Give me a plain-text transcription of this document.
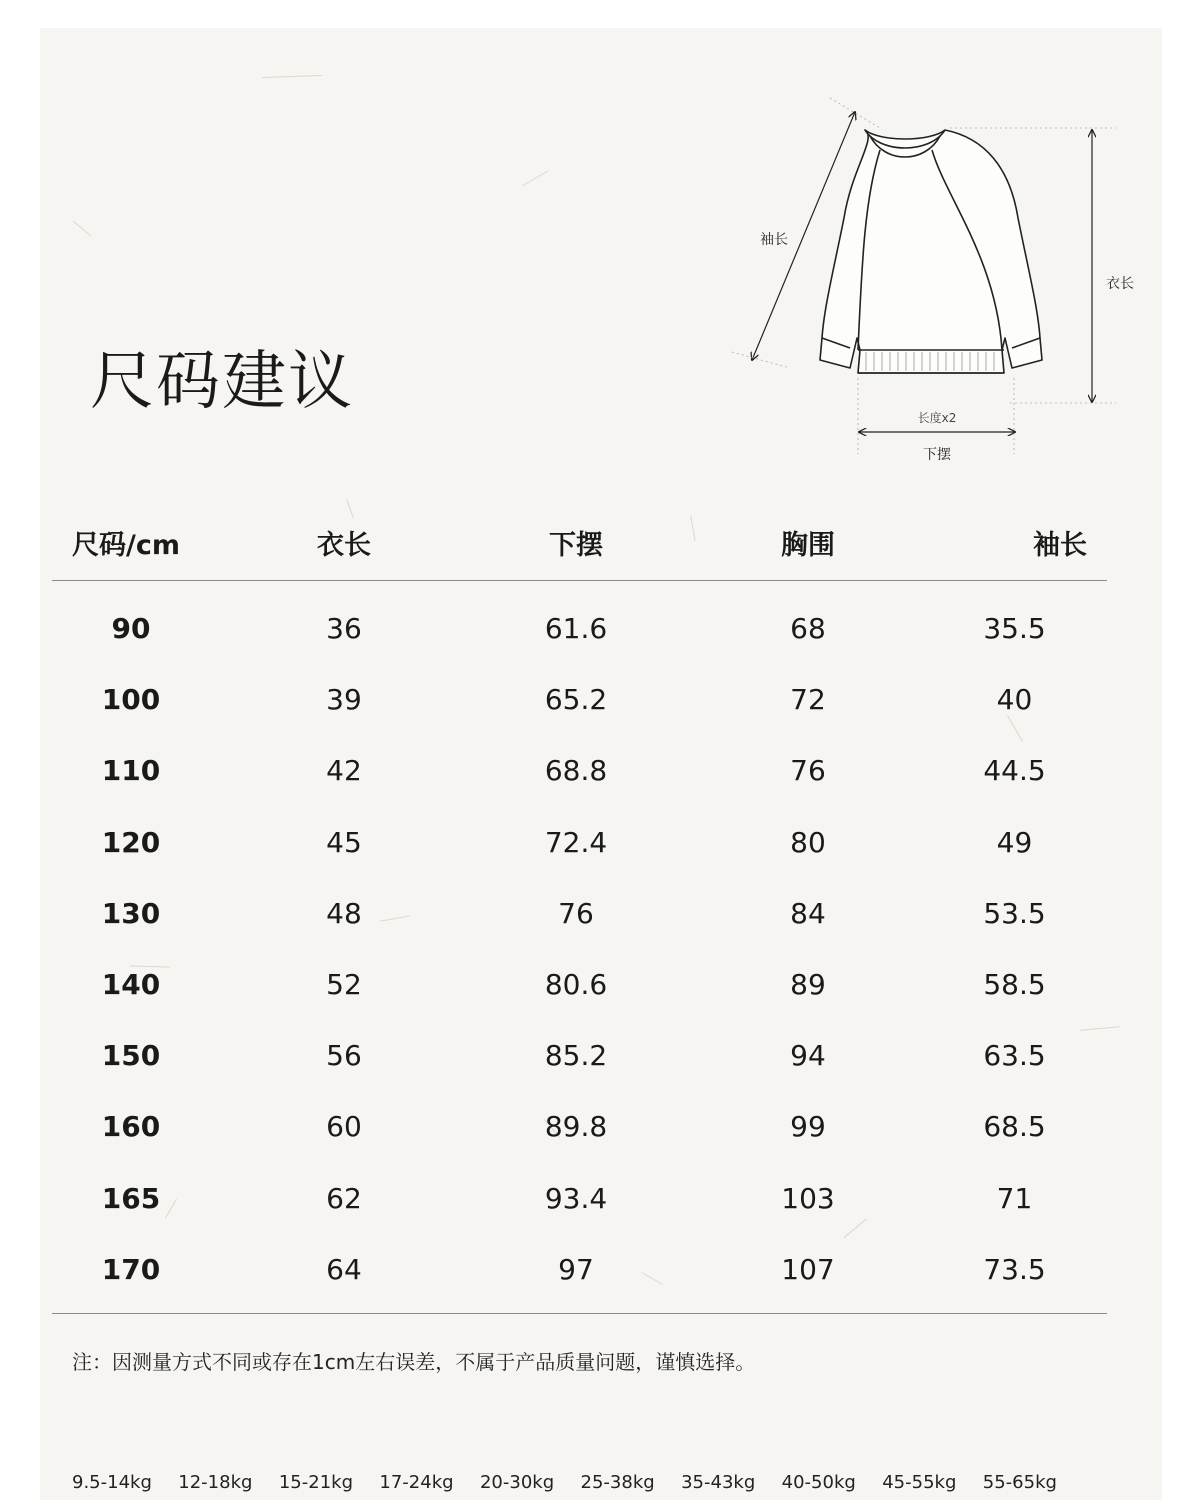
尺码建议
袖长
衣长
长度x2
下摆
尺码/cm	衣长	下摆	胸围	袖长
90	36	61.6	68	35.5
100	39	65.2	72	40
110	42	68.8	76	44.5
120	45	72.4	80	49
130	48	76	84	53.5
140	52	80.6	89	58.5
150	56	85.2	94	63.5
160	60	89.8	99	68.5
165	62	93.4	103	71
170	64	97	107	73.5
注：因测量方式不同或存在1cm左右误差，不属于产品质量问题，谨慎选择。
9.5-14kg 12-18kg 15-21kg 17-24kg 20-30kg 25-38kg 35-43kg 40-50kg 45-55kg 55-65kg
